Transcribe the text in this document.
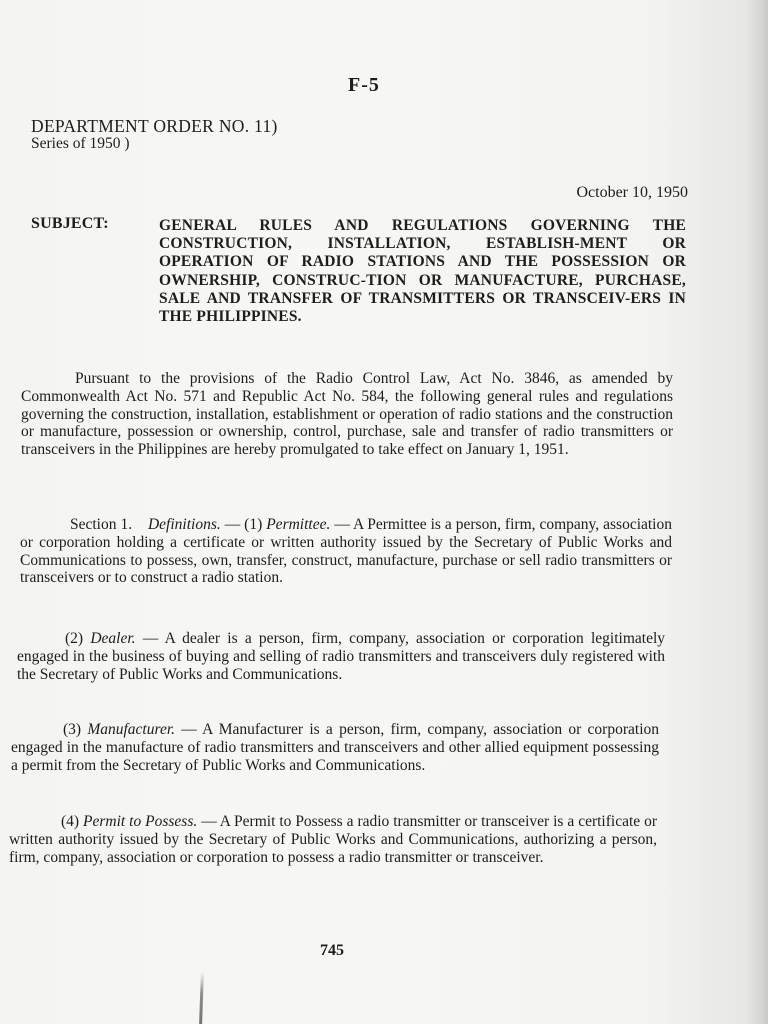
F-5
DEPARTMENT ORDER NO. 11)
Series of 1950 )
October 10, 1950
SUBJECT:	GENERAL RULES AND REGULATIONS GOVERNING THE CONSTRUCTION, INSTALLATION, ESTABLISH-MENT OR OPERATION OF RADIO STATIONS AND THE POSSESSION OR OWNERSHIP, CONSTRUC-TION OR MANUFACTURE, PURCHASE, SALE AND TRANSFER OF TRANSMITTERS OR TRANSCEIV-ERS IN THE PHILIPPINES.
Pursuant to the provisions of the Radio Control Law, Act No. 3846, as amended by Commonwealth Act No. 571 and Republic Act No. 584, the following general rules and regulations governing the construction, installation, establishment or operation of radio stations and the construction or manufacture, possession or ownership, control, purchase, sale and transfer of radio transmitters or transceivers in the Philippines are hereby promulgated to take effect on January 1, 1951.
Section 1. Definitions. — (1) Permittee. — A Permittee is a person, firm, company, association or corporation holding a certificate or written authority issued by the Secretary of Public Works and Communications to possess, own, transfer, construct, manufacture, purchase or sell radio transmitters or transceivers or to construct a radio station.
(2) Dealer. — A dealer is a person, firm, company, association or corporation legitimately engaged in the business of buying and selling of radio transmitters and transceivers duly registered with the Secretary of Public Works and Communications.
(3) Manufacturer. — A Manufacturer is a person, firm, company, association or corporation engaged in the manufacture of radio transmitters and transceivers and other allied equipment possessing a permit from the Secretary of Public Works and Communications.
(4) Permit to Possess. — A Permit to Possess a radio transmitter or transceiver is a certificate or written authority issued by the Secretary of Public Works and Communications, authorizing a person, firm, company, association or corporation to possess a radio transmitter or transceiver.
745
